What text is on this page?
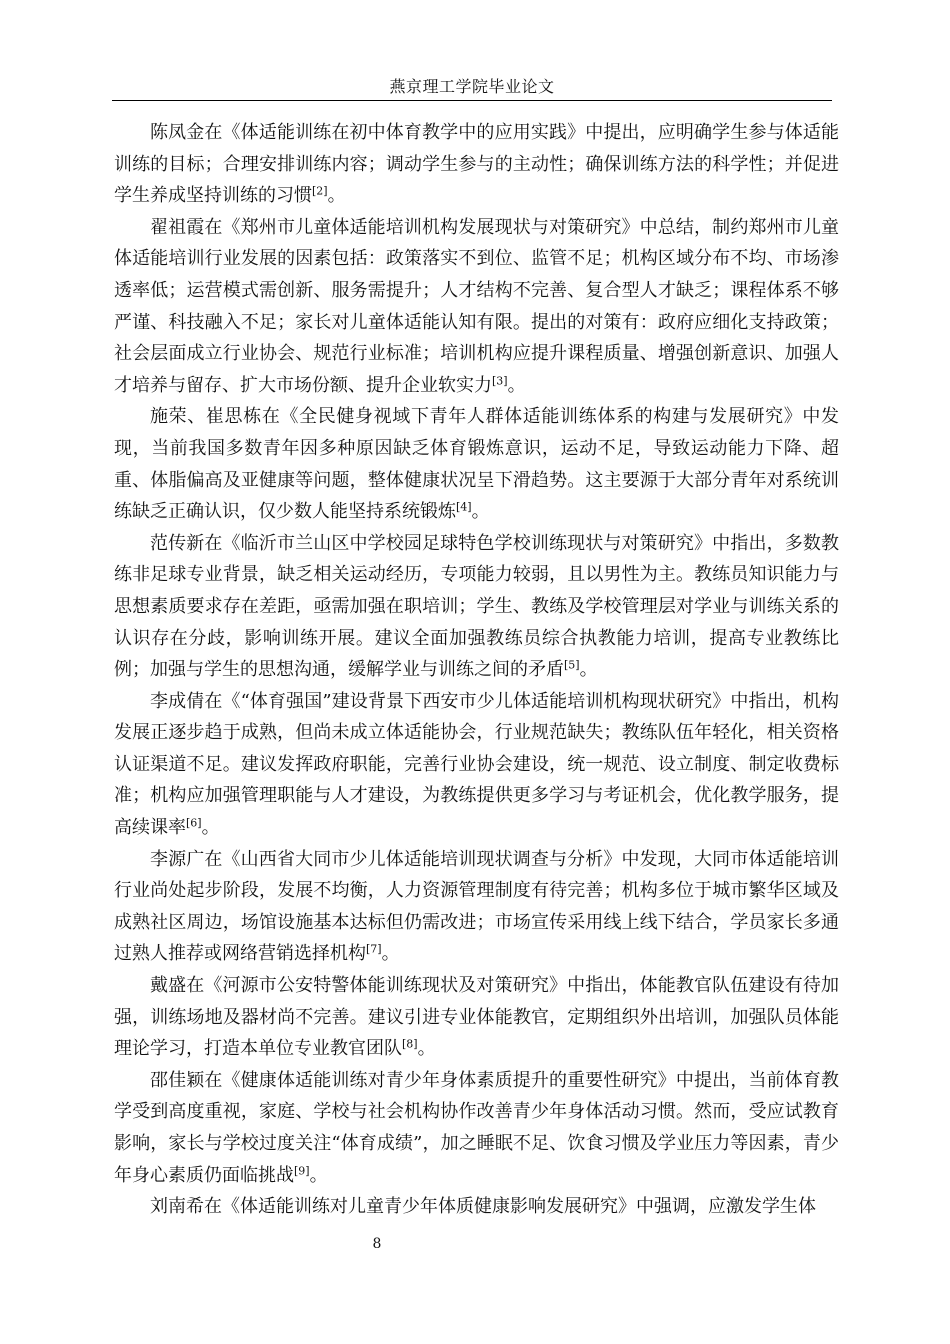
燕京理工学院毕业论文

陈凤金在《体适能训练在初中体育教学中的应用实践》中提出，应明确学生参与体适能训练的目标；合理安排训练内容；调动学生参与的主动性；确保训练方法的科学性；并促进学生养成坚持训练的习惯[2]。

翟祖霞在《郑州市儿童体适能培训机构发展现状与对策研究》中总结，制约郑州市儿童体适能培训行业发展的因素包括：政策落实不到位、监管不足；机构区域分布不均、市场渗透率低；运营模式需创新、服务需提升；人才结构不完善、复合型人才缺乏；课程体系不够严谨、科技融入不足；家长对儿童体适能认知有限。提出的对策有：政府应细化支持政策；社会层面成立行业协会、规范行业标准；培训机构应提升课程质量、增强创新意识、加强人才培养与留存、扩大市场份额、提升企业软实力[3]。

施荣、崔思栋在《全民健身视域下青年人群体适能训练体系的构建与发展研究》中发现，当前我国多数青年因多种原因缺乏体育锻炼意识，运动不足，导致运动能力下降、超重、体脂偏高及亚健康等问题，整体健康状况呈下滑趋势。这主要源于大部分青年对系统训练缺乏正确认识，仅少数人能坚持系统锻炼[4]。

范传新在《临沂市兰山区中学校园足球特色学校训练现状与对策研究》中指出，多数教练非足球专业背景，缺乏相关运动经历，专项能力较弱，且以男性为主。教练员知识能力与思想素质要求存在差距，亟需加强在职培训；学生、教练及学校管理层对学业与训练关系的认识存在分歧，影响训练开展。建议全面加强教练员综合执教能力培训，提高专业教练比例；加强与学生的思想沟通，缓解学业与训练之间的矛盾[5]。

李成倩在《“体育强国”建设背景下西安市少儿体适能培训机构现状研究》中指出，机构发展正逐步趋于成熟，但尚未成立体适能协会，行业规范缺失；教练队伍年轻化，相关资格认证渠道不足。建议发挥政府职能，完善行业协会建设，统一规范、设立制度、制定收费标准；机构应加强管理职能与人才建设，为教练提供更多学习与考证机会，优化教学服务，提高续课率[6]。

李源广在《山西省大同市少儿体适能培训现状调查与分析》中发现，大同市体适能培训行业尚处起步阶段，发展不均衡，人力资源管理制度有待完善；机构多位于城市繁华区域及成熟社区周边，场馆设施基本达标但仍需改进；市场宣传采用线上线下结合，学员家长多通过熟人推荐或网络营销选择机构[7]。

戴盛在《河源市公安特警体能训练现状及对策研究》中指出，体能教官队伍建设有待加强，训练场地及器材尚不完善。建议引进专业体能教官，定期组织外出培训，加强队员体能理论学习，打造本单位专业教官团队[8]。

邵佳颖在《健康体适能训练对青少年身体素质提升的重要性研究》中提出，当前体育教学受到高度重视，家庭、学校与社会机构协作改善青少年身体活动习惯。然而，受应试教育影响，家长与学校过度关注“体育成绩”，加之睡眠不足、饮食习惯及学业压力等因素，青少年身心素质仍面临挑战[9]。

刘南希在《体适能训练对儿童青少年体质健康影响发展研究》中强调，应激发学生体

8
